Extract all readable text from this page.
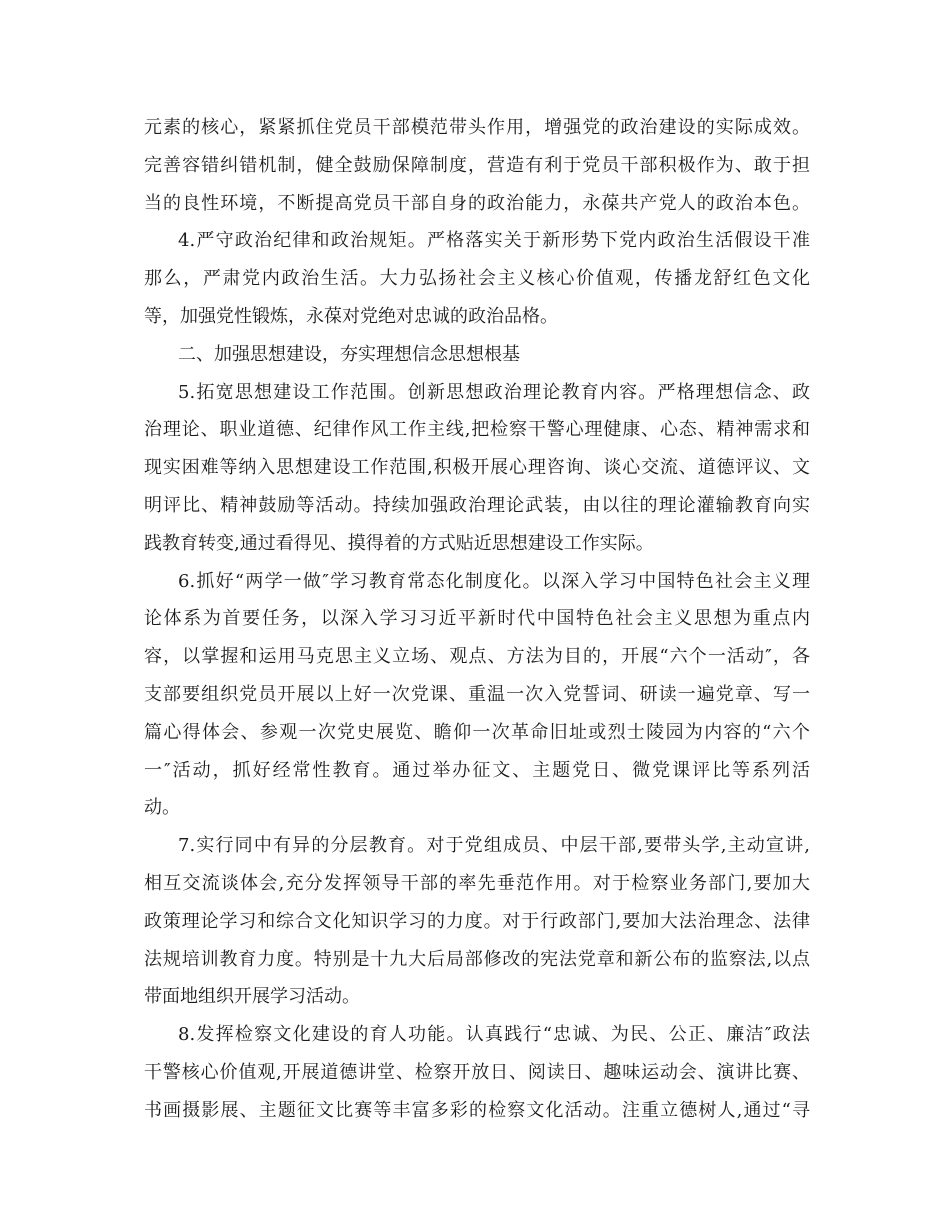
元素的核心，紧紧抓住党员干部模范带头作用，增强党的政治建设的实际成效。
完善容错纠错机制，健全鼓励保障制度，营造有利于党员干部积极作为、敢于担
当的良性环境，不断提高党员干部自身的政治能力，永葆共产党人的政治本色。
4.严守政治纪律和政治规矩。严格落实关于新形势下党内政治生活假设干准
那么，严肃党内政治生活。大力弘扬社会主义核心价值观，传播龙舒红色文化
等，加强党性锻炼，永葆对党绝对忠诚的政治品格。
二、加强思想建设，夯实理想信念思想根基
5.拓宽思想建设工作范围。创新思想政治理论教育内容。严格理想信念、政
治理论、职业道德、纪律作风工作主线,把检察干警心理健康、心态、精神需求和
现实困难等纳入思想建设工作范围,积极开展心理咨询、谈心交流、道德评议、文
明评比、精神鼓励等活动。持续加强政治理论武装，由以往的理论灌输教育向实
践教育转变,通过看得见、摸得着的方式贴近思想建设工作实际。
6.抓好“两学一做″学习教育常态化制度化。以深入学习中国特色社会主义理
论体系为首要任务，以深入学习习近平新时代中国特色社会主义思想为重点内
容，以掌握和运用马克思主义立场、观点、方法为目的，开展“六个一活动″，各
支部要组织党员开展以上好一次党课、重温一次入党誓词、研读一遍党章、写一
篇心得体会、参观一次党史展览、瞻仰一次革命旧址或烈士陵园为内容的“六个
一″活动，抓好经常性教育。通过举办征文、主题党日、微党课评比等系列活
动。
7.实行同中有异的分层教育。对于党组成员、中层干部,要带头学,主动宣讲,
相互交流谈体会,充分发挥领导干部的率先垂范作用。对于检察业务部门,要加大
政策理论学习和综合文化知识学习的力度。对于行政部门,要加大法治理念、法律
法规培训教育力度。特别是十九大后局部修改的宪法党章和新公布的监察法,以点
带面地组织开展学习活动。
8.发挥检察文化建设的育人功能。认真践行“忠诚、为民、公正、廉洁″政法
干警核心价值观,开展道德讲堂、检察开放日、阅读日、趣味运动会、演讲比赛、
书画摄影展、主题征文比赛等丰富多彩的检察文化活动。注重立德树人,通过“寻
